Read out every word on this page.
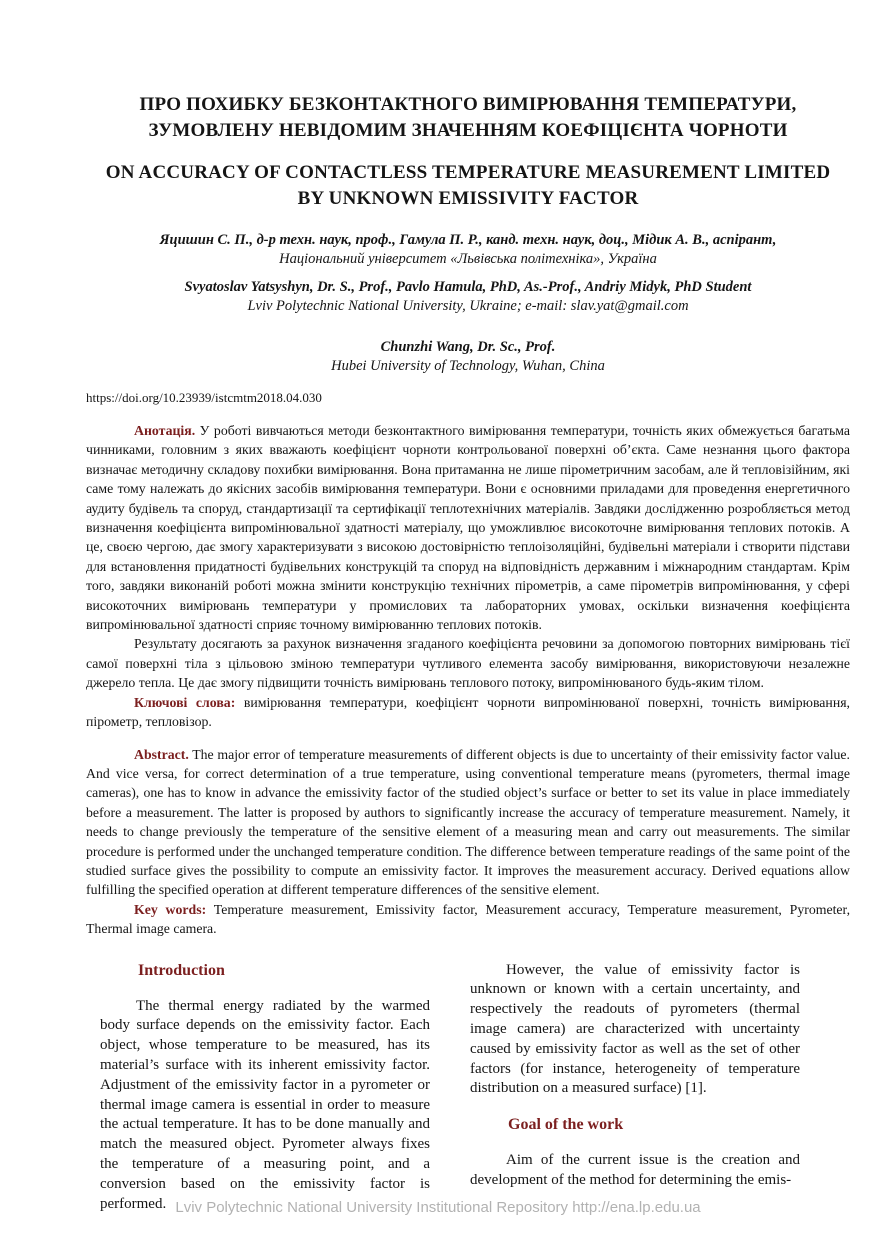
ПРО ПОХИБКУ БЕЗКОНТАКТНОГО ВИМІРЮВАННЯ ТЕМПЕРАТУРИ,
ЗУМОВЛЕНУ НЕВІДОМИМ ЗНАЧЕННЯМ КОЕФІЦІЄНТА ЧОРНОТИ
ON ACCURACY OF CONTACTLESS TEMPERATURE MEASUREMENT LIMITED
BY UNKNOWN EMISSIVITY FACTOR
Яцишин С. П., д-р техн. наук, проф., Гамула П. Р., канд. техн. наук, доц., Мідик А. В., аспірант,
Національний університет «Львівська політехніка», Україна
Svyatoslav Yatsyshyn, Dr. S., Prof., Pavlo Hamula, PhD, As.-Prof., Andriy Midyk, PhD Student
Lviv Polytechnic National University, Ukraine; e-mail: slav.yat@gmail.com
Chunzhi Wang, Dr. Sc., Prof.
Hubei University of Technology, Wuhan, China
https://doi.org/10.23939/istcmtm2018.04.030

Анотація. У роботі вивчаються методи безконтактного вимірювання температури, точність яких обмежується багатьма чинниками, головним з яких вважають коефіцієнт чорноти контрольованої поверхні об’єкта. Саме незнання цього фактора визначає методичну складову похибки вимірювання. Вона притаманна не лише пірометричним засобам, але й тепловізійним, які саме тому належать до якісних засобів вимірювання температури. Вони є основними приладами для проведення енергетичного аудиту будівель та споруд, стандартизації та сертифікації теплотехнічних матеріалів. Завдяки дослідженню розробляється метод визначення коефіцієнта випромінювальної здатності матеріалу, що уможливлює високоточне вимірювання теплових потоків. А це, своєю чергою, дає змогу характеризувати з високою достовірністю теплоізоляційні, будівельні матеріали і створити підстави для встановлення придатності будівельних конструкцій та споруд на відповідність державним і міжнародним стандартам. Крім того, завдяки виконаній роботі можна змінити конструкцію технічних пірометрів, а саме пірометрів випромінювання, у сфері високоточних вимірювань температури у промислових та лабораторних умовах, оскільки визначення коефіцієнта випромінювальної здатності сприяє точному вимірюванню теплових потоків.

Результату досягають за рахунок визначення згаданого коефіцієнта речовини за допомогою повторних вимірювань тієї самої поверхні тіла з цільовою зміною температури чутливого елемента засобу вимірювання, використовуючи незалежне джерело тепла. Це дає змогу підвищити точність вимірювань теплового потоку, випромінюваного будь-яким тілом.

Ключові слова: вимірювання температури, коефіцієнт чорноти випромінюваної поверхні, точність вимірювання, пірометр, тепловізор.

Abstract. The major error of temperature measurements of different objects is due to uncertainty of their emissivity factor value. And vice versa, for correct determination of a true temperature, using conventional temperature means (pyrometers, thermal image cameras), one has to know in advance the emissivity factor of the studied object’s surface or better to set its value in place immediately before a measurement. The latter is proposed by authors to significantly increase the accuracy of temperature measurement. Namely, it needs to change previously the temperature of the sensitive element of a measuring mean and carry out measurements. The similar procedure is performed under the unchanged temperature condition. The difference between temperature readings of the same point of the studied surface gives the possibility to compute an emissivity factor. It improves the measurement accuracy. Derived equations allow fulfilling the specified operation at different temperature differences of the sensitive element.

Key words: Temperature measurement, Emissivity factor, Measurement accuracy, Temperature measurement, Pyrometer, Thermal image camera.

Introduction

The thermal energy radiated by the warmed body surface depends on the emissivity factor. Each object, whose temperature to be measured, has its material’s surface with its inherent emissivity factor. Adjustment of the emissivity factor in a pyrometer or thermal image camera is essential in order to measure the actual temperature. It has to be done manually and match the measured object. Pyrometer always fixes the temperature of a measuring point, and a conversion based on the emissivity factor is performed.

However, the value of emissivity factor is unknown or known with a certain uncertainty, and respectively the readouts of pyrometers (thermal image camera) are characterized with uncertainty caused by emissivity factor as well as the set of other factors (for instance, heterogeneity of temperature distribution on a measured surface) [1].

Goal of the work

Aim of the current issue is the creation and development of the method for determining the emis-

Lviv Polytechnic National University Institutional Repository http://ena.lp.edu.ua
